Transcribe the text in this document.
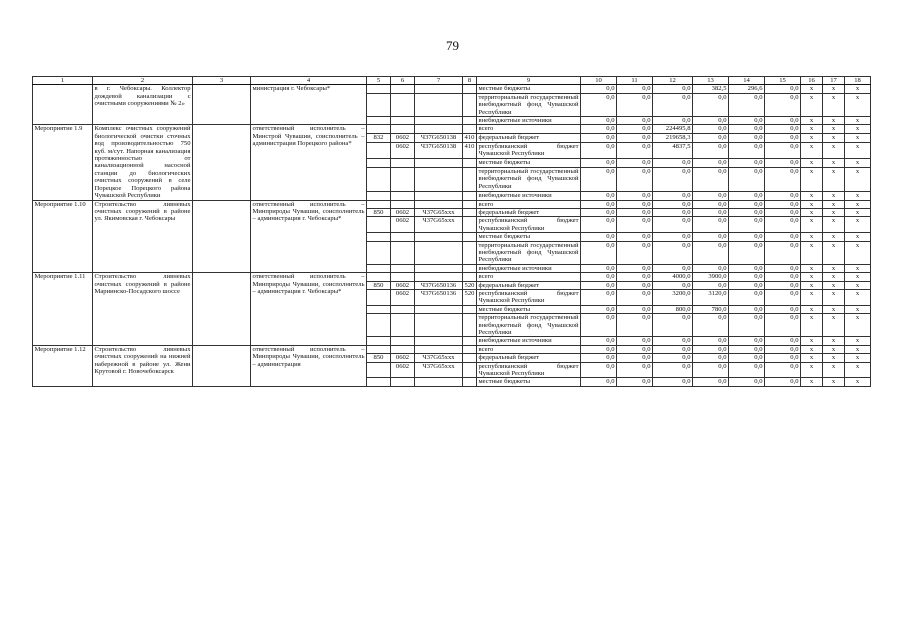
79
1	2	3	4	5	6	7	8	9	10	11	12	13	14	15	16	17	18
	в г. Чебоксары. Коллектор дождевой канализации с очистными сооружениями № 2»		министрация г. Чебоксары*					местные бюджеты	0,0	0,0	0,0	382,5	296,6	0,0	x	x	x
								территориальный государственный внебюджетный фонд Чувашской Республики	0,0	0,0	0,0	0,0	0,0	0,0	x	x	x
								внебюджетные источники	0,0	0,0	0,0	0,0	0,0	0,0	x	x	x
Мероприятие 1.9	Комплекс очистных сооружений биологической очистки сточных вод производительностью 750 куб. м/сут. Напорная канализация протяженностью от канализационной насосной станции до биологических очистных сооружений в селе Порецкое Порецкого района Чувашской Республики		ответственный исполнитель – Минстрой Чувашии, соисполнитель – администрация Порецкого района*					всего	0,0	0,0	224495,8	0,0	0,0	0,0	x	x	x
				832	0602	Ч37G650138	410	федеральный бюджет	0,0	0,0	219658,3	0,0	0,0	0,0	x	x	x
					0602	Ч37G650138	410	республиканский бюджет Чувашской Республики	0,0	0,0	4837,5	0,0	0,0	0,0	x	x	x
								местные бюджеты	0,0	0,0	0,0	0,0	0,0	0,0	x	x	x
								территориальный государственный внебюджетный фонд Чувашской Республики	0,0	0,0	0,0	0,0	0,0	0,0	x	x	x
								внебюджетные источники	0,0	0,0	0,0	0,0	0,0	0,0	x	x	x
Мероприятие 1.10	Строительство ливневых очистных сооружений в районе ул. Якимовская г. Чебоксары		ответственный исполнитель – Минприроды Чувашии, соисполнитель – администрация г. Чебоксары*					всего	0,0	0,0	0,0	0,0	0,0	0,0	x	x	x
				850	0602	Ч37G65ххх		федеральный бюджет	0,0	0,0	0,0	0,0	0,0	0,0	x	x	x
					0602	Ч37G65ххх		республиканский бюджет Чувашской Республики	0,0	0,0	0,0	0,0	0,0	0,0	x	x	x
								местные бюджеты	0,0	0,0	0,0	0,0	0,0	0,0	x	x	x
								территориальный государственный внебюджетный фонд Чувашской Республики	0,0	0,0	0,0	0,0	0,0	0,0	x	x	x
								внебюджетные источники	0,0	0,0	0,0	0,0	0,0	0,0	x	x	x
Мероприятие 1.11	Строительство ливневых очистных сооружений в районе Мариинско-Посадского шоссе		ответственный исполнитель – Минприроды Чувашии, соисполнитель – администрация г. Чебоксары*					всего	0,0	0,0	4000,0	3900,0	0,0	0,0	x	x	x
				850	0602	Ч37G650136	520	федеральный бюджет	0,0	0,0	0,0	0,0	0,0	0,0	x	x	x
					0602	Ч37G650136	520	республиканский бюджет Чувашской Республики	0,0	0,0	3200,0	3120,0	0,0	0,0	x	x	x
								местные бюджеты	0,0	0,0	800,0	780,0	0,0	0,0	x	x	x
								территориальный государственный внебюджетный фонд Чувашской Республики	0,0	0,0	0,0	0,0	0,0	0,0	x	x	x
								внебюджетные источники	0,0	0,0	0,0	0,0	0,0	0,0	x	x	x
Мероприятие 1.12	Строительство ливневых очистных сооружений на нижней набережной в районе ул. Жени Крутовой г. Новочебоксарск		ответственный исполнитель – Минприроды Чувашии, соисполнитель – администрация					всего	0,0	0,0	0,0	0,0	0,0	0,0	x	x	x
				850	0602	Ч37G65ххх		федеральный бюджет	0,0	0,0	0,0	0,0	0,0	0,0	x	x	x
					0602	Ч37G65ххх		республиканский бюджет Чувашской Республики	0,0	0,0	0,0	0,0	0,0	0,0	x	x	x
								местные бюджеты	0,0	0,0	0,0	0,0	0,0	0,0	x	x	x
